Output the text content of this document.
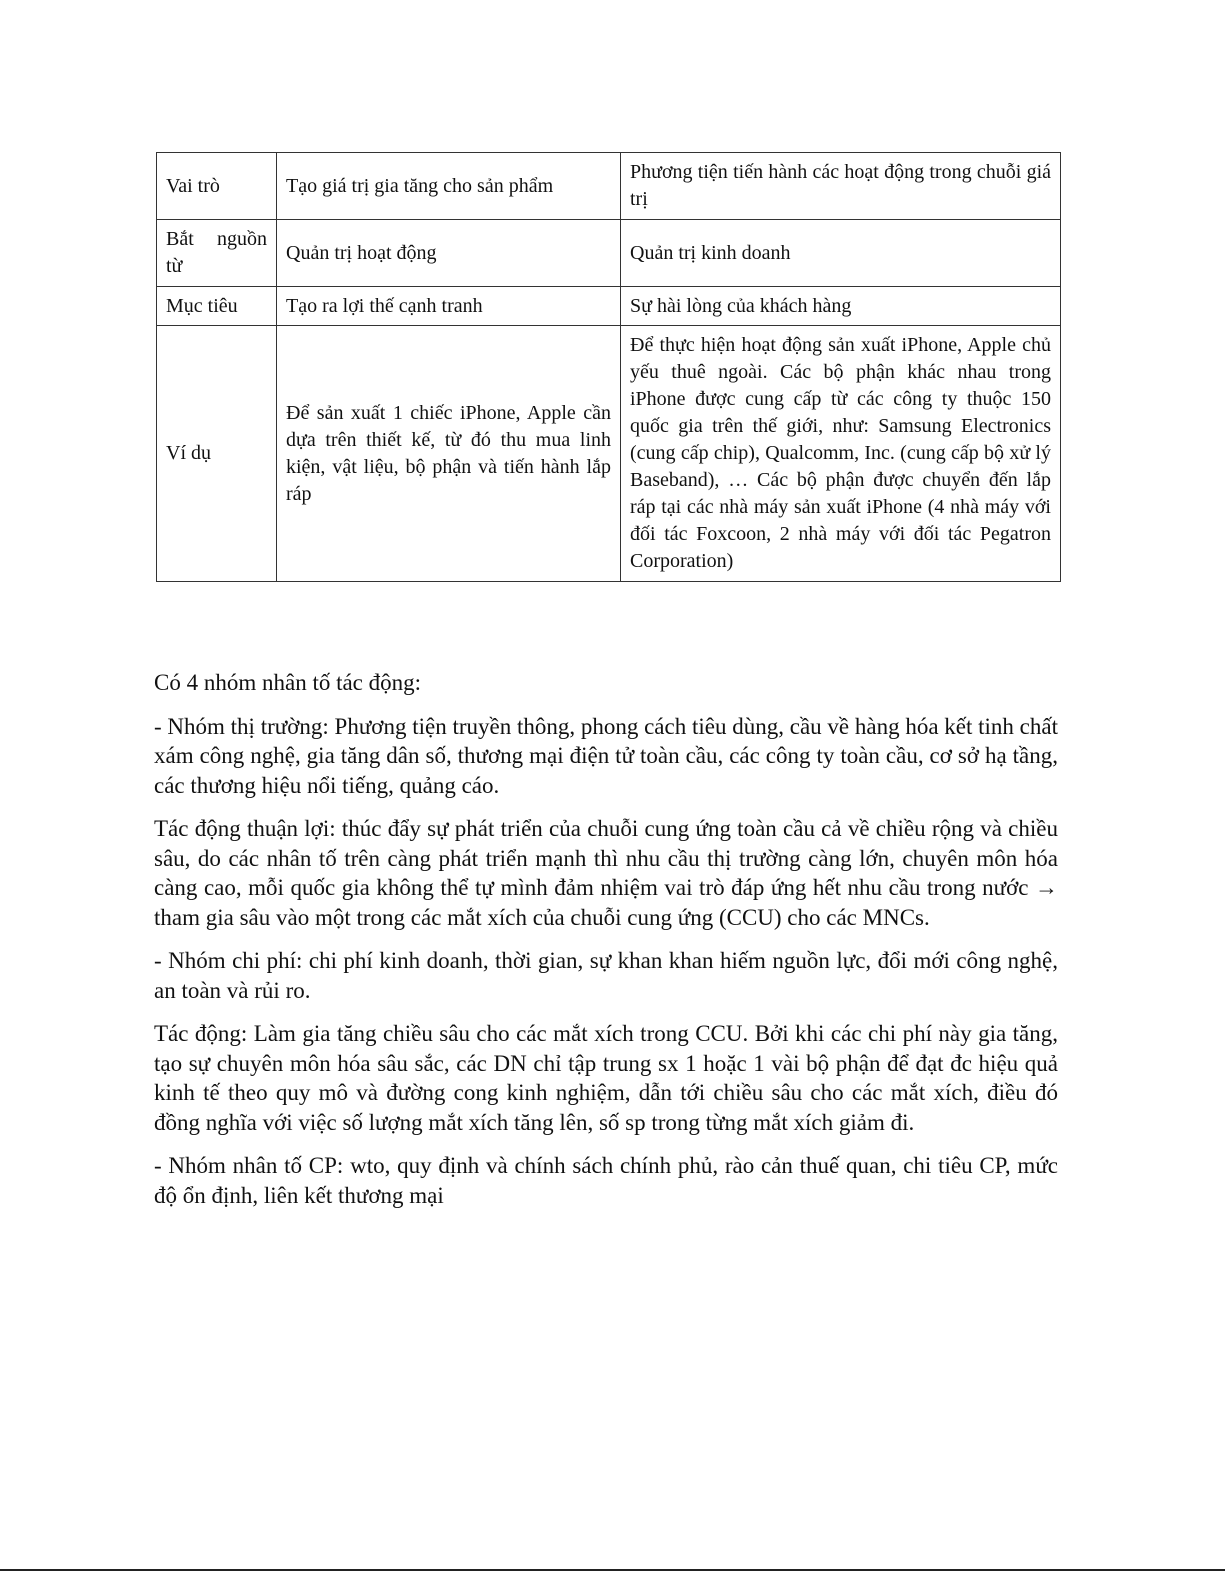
Vai trò	Tạo giá trị gia tăng cho sản phẩm	Phương tiện tiến hành các hoạt động trong chuỗi giá trị
Bắt nguồn từ	Quản trị hoạt động	Quản trị kinh doanh
Mục tiêu	Tạo ra lợi thế cạnh tranh	Sự hài lòng của khách hàng
Ví dụ	Để sản xuất 1 chiếc iPhone, Apple cần dựa trên thiết kế, từ đó thu mua linh kiện, vật liệu, bộ phận và tiến hành lắp ráp	Để thực hiện hoạt động sản xuất iPhone, Apple chủ yếu thuê ngoài. Các bộ phận khác nhau trong iPhone được cung cấp từ các công ty thuộc 150 quốc gia trên thế giới, như: Samsung Electronics (cung cấp chip), Qualcomm, Inc. (cung cấp bộ xử lý Baseband), … Các bộ phận được chuyển đến lắp ráp tại các nhà máy sản xuất iPhone (4 nhà máy với đối tác Foxcoon, 2 nhà máy với đối tác Pegatron Corporation)

Có 4 nhóm nhân tố tác động:

- Nhóm thị trường: Phương tiện truyền thông, phong cách tiêu dùng, cầu về hàng hóa kết tinh chất xám công nghệ, gia tăng dân số, thương mại điện tử toàn cầu, các công ty toàn cầu, cơ sở hạ tầng, các thương hiệu nổi tiếng, quảng cáo.

Tác động thuận lợi: thúc đẩy sự phát triển của chuỗi cung ứng toàn cầu cả về chiều rộng và chiều sâu, do các nhân tố trên càng phát triển mạnh thì nhu cầu thị trường càng lớn, chuyên môn hóa càng cao, mỗi quốc gia không thể tự mình đảm nhiệm vai trò đáp ứng hết nhu cầu trong nước → tham gia sâu vào một trong các mắt xích của chuỗi cung ứng (CCU) cho các MNCs.

- Nhóm chi phí: chi phí kinh doanh, thời gian, sự khan khan hiếm nguồn lực, đổi mới công nghệ, an toàn và rủi ro.

Tác động: Làm gia tăng chiều sâu cho các mắt xích trong CCU. Bởi khi các chi phí này gia tăng, tạo sự chuyên môn hóa sâu sắc, các DN chỉ tập trung sx 1 hoặc 1 vài bộ phận để đạt đc hiệu quả kinh tế theo quy mô và đường cong kinh nghiệm, dẫn tới chiều sâu cho các mắt xích, điều đó đồng nghĩa với việc số lượng mắt xích tăng lên, số sp trong từng mắt xích giảm đi.

- Nhóm nhân tố CP: wto, quy định và chính sách chính phủ, rào cản thuế quan, chi tiêu CP, mức độ ổn định, liên kết thương mại
